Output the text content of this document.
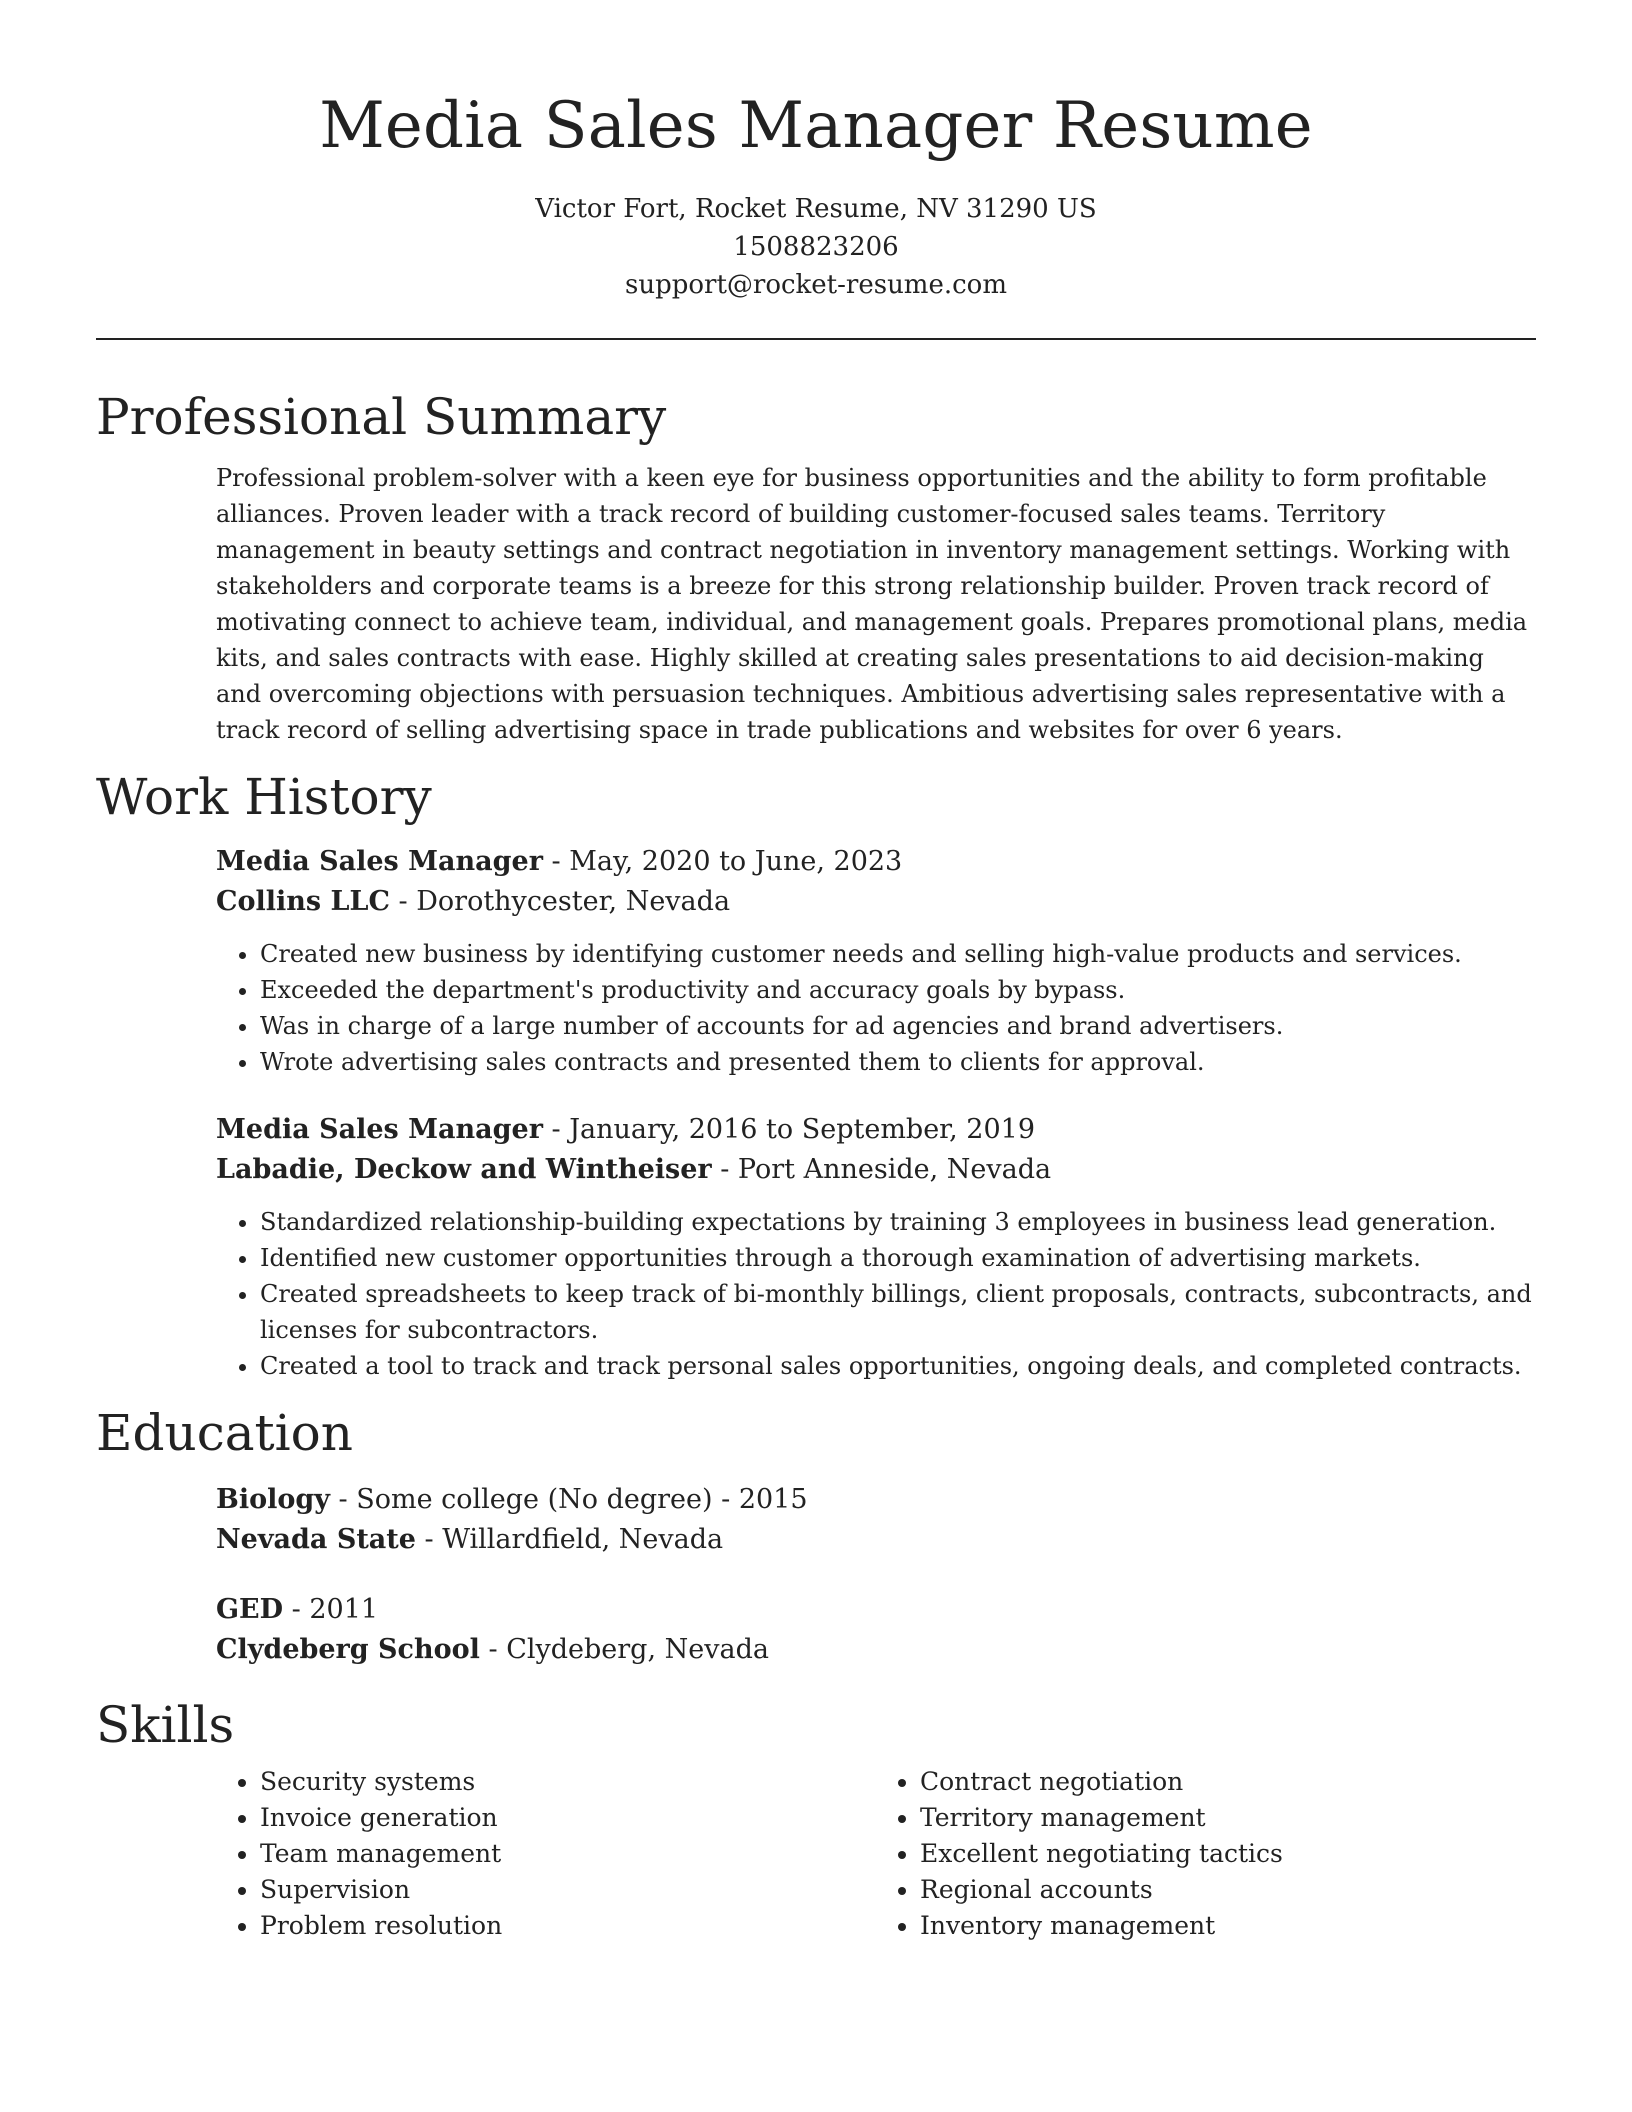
Media Sales Manager Resume
Victor Fort, Rocket Resume, NV 31290 US
1508823206
support@rocket-resume.com
Professional Summary

Professional problem-solver with a keen eye for business opportunities and the ability to form profitable alliances. Proven leader with a track record of building customer-focused sales teams. Territory management in beauty settings and contract negotiation in inventory management settings. Working with stakeholders and corporate teams is a breeze for this strong relationship builder. Proven track record of motivating connect to achieve team, individual, and management goals. Prepares promotional plans, media kits, and sales contracts with ease. Highly skilled at creating sales presentations to aid decision-making and overcoming objections with persuasion techniques. Ambitious advertising sales representative with a track record of selling advertising space in trade publications and websites for over 6 years.

Work History
Media Sales Manager - May, 2020 to June, 2023
Collins LLC - Dorothycester, Nevada
• Created new business by identifying customer needs and selling high-value products and services.
• Exceeded the department's productivity and accuracy goals by bypass.
• Was in charge of a large number of accounts for ad agencies and brand advertisers.
• Wrote advertising sales contracts and presented them to clients for approval.
Media Sales Manager - January, 2016 to September, 2019
Labadie, Deckow and Wintheiser - Port Anneside, Nevada
• Standardized relationship-building expectations by training 3 employees in business lead generation.
• Identified new customer opportunities through a thorough examination of advertising markets.
• Created spreadsheets to keep track of bi-monthly billings, client proposals, contracts, subcontracts, and licenses for subcontractors.
• Created a tool to track and track personal sales opportunities, ongoing deals, and completed contracts.
Education
Biology - Some college (No degree) - 2015
Nevada State - Willardfield, Nevada
GED - 2011
Clydeberg School - Clydeberg, Nevada
Skills
• Security systems
• Invoice generation
• Team management
• Supervision
• Problem resolution
• Contract negotiation
• Territory management
• Excellent negotiating tactics
• Regional accounts
• Inventory management
